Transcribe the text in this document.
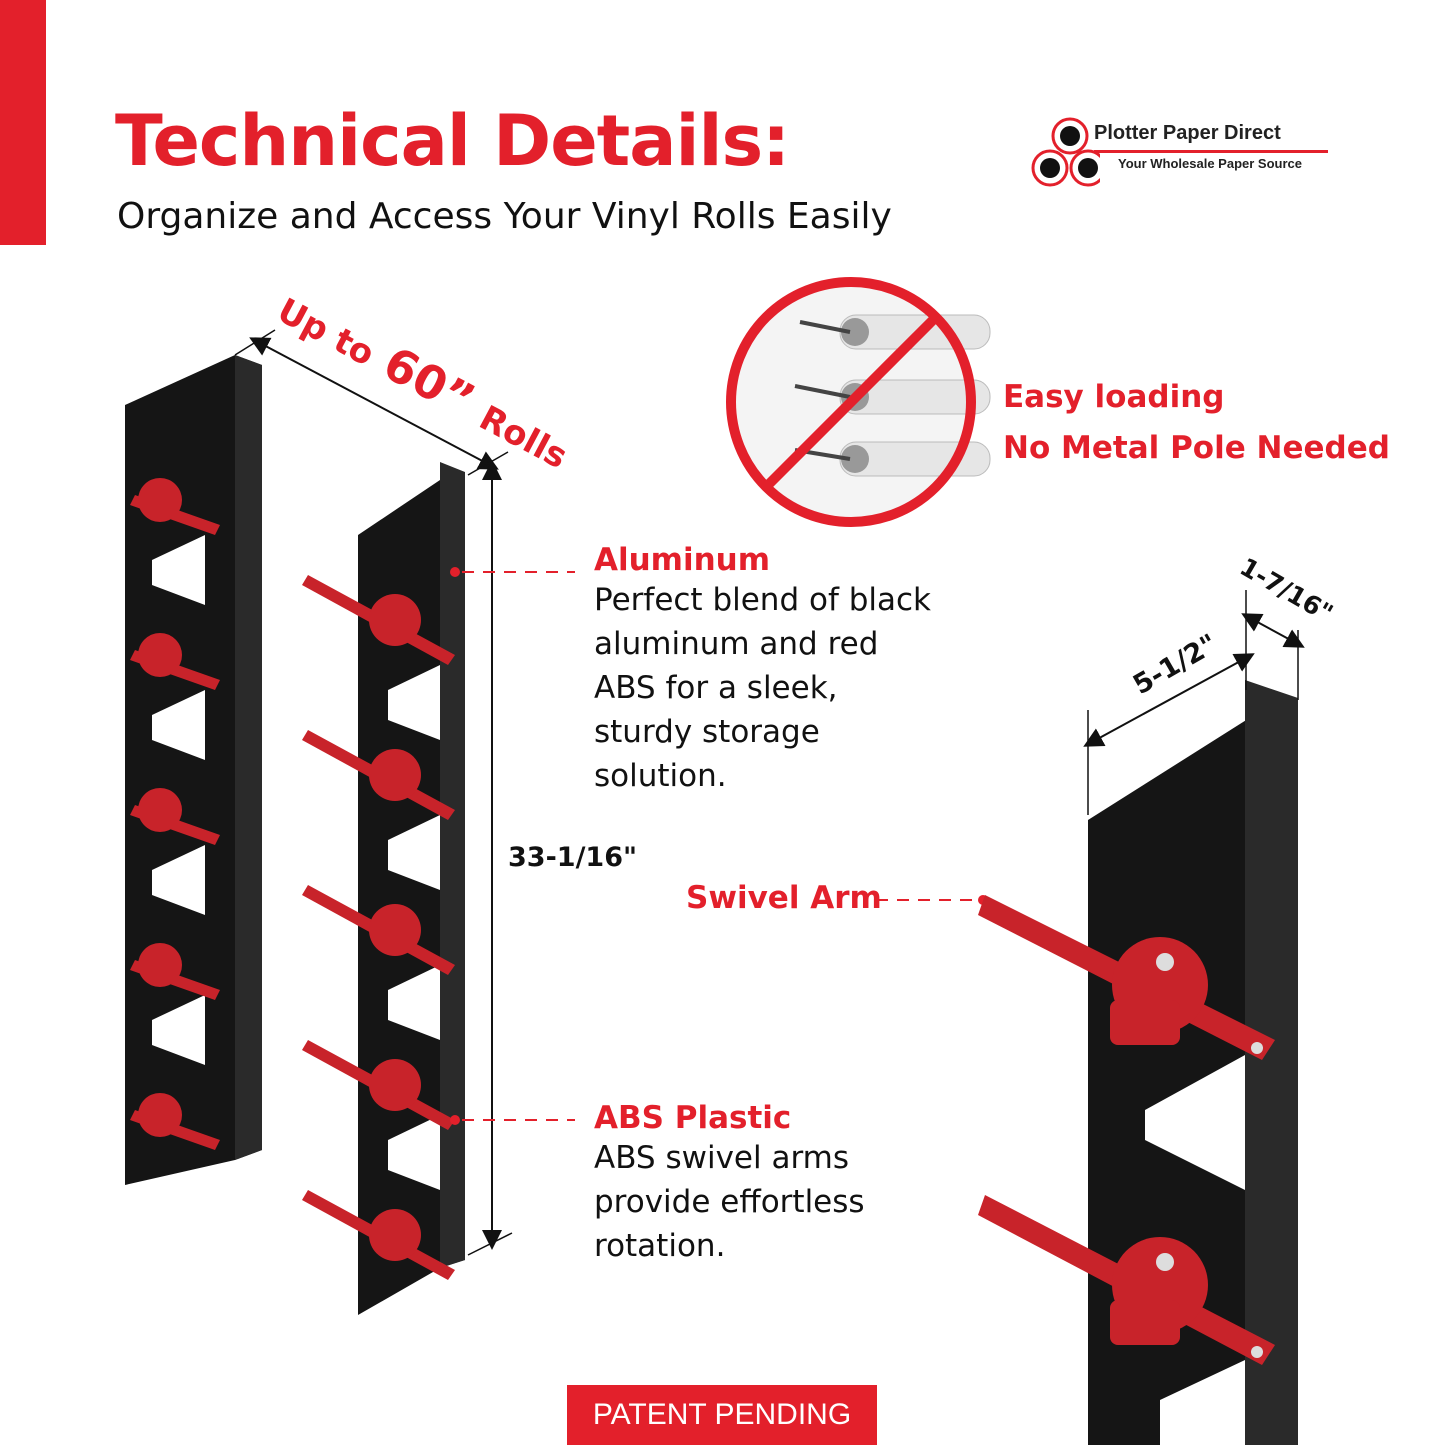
Technical Details:
Organize and Access Your Vinyl Rolls Easily
Plotter Paper Direct
Your Wholesale Paper Source
Up to 60” Rolls
5-1/2"
1-7/16"
33-1/16"
Easy loading
No Metal Pole Needed
Aluminum
Perfect blend of black aluminum and red ABS for a sleek, sturdy storage solution.
Swivel Arm
ABS Plastic
ABS swivel arms provide effortless rotation.
PATENT PENDING
